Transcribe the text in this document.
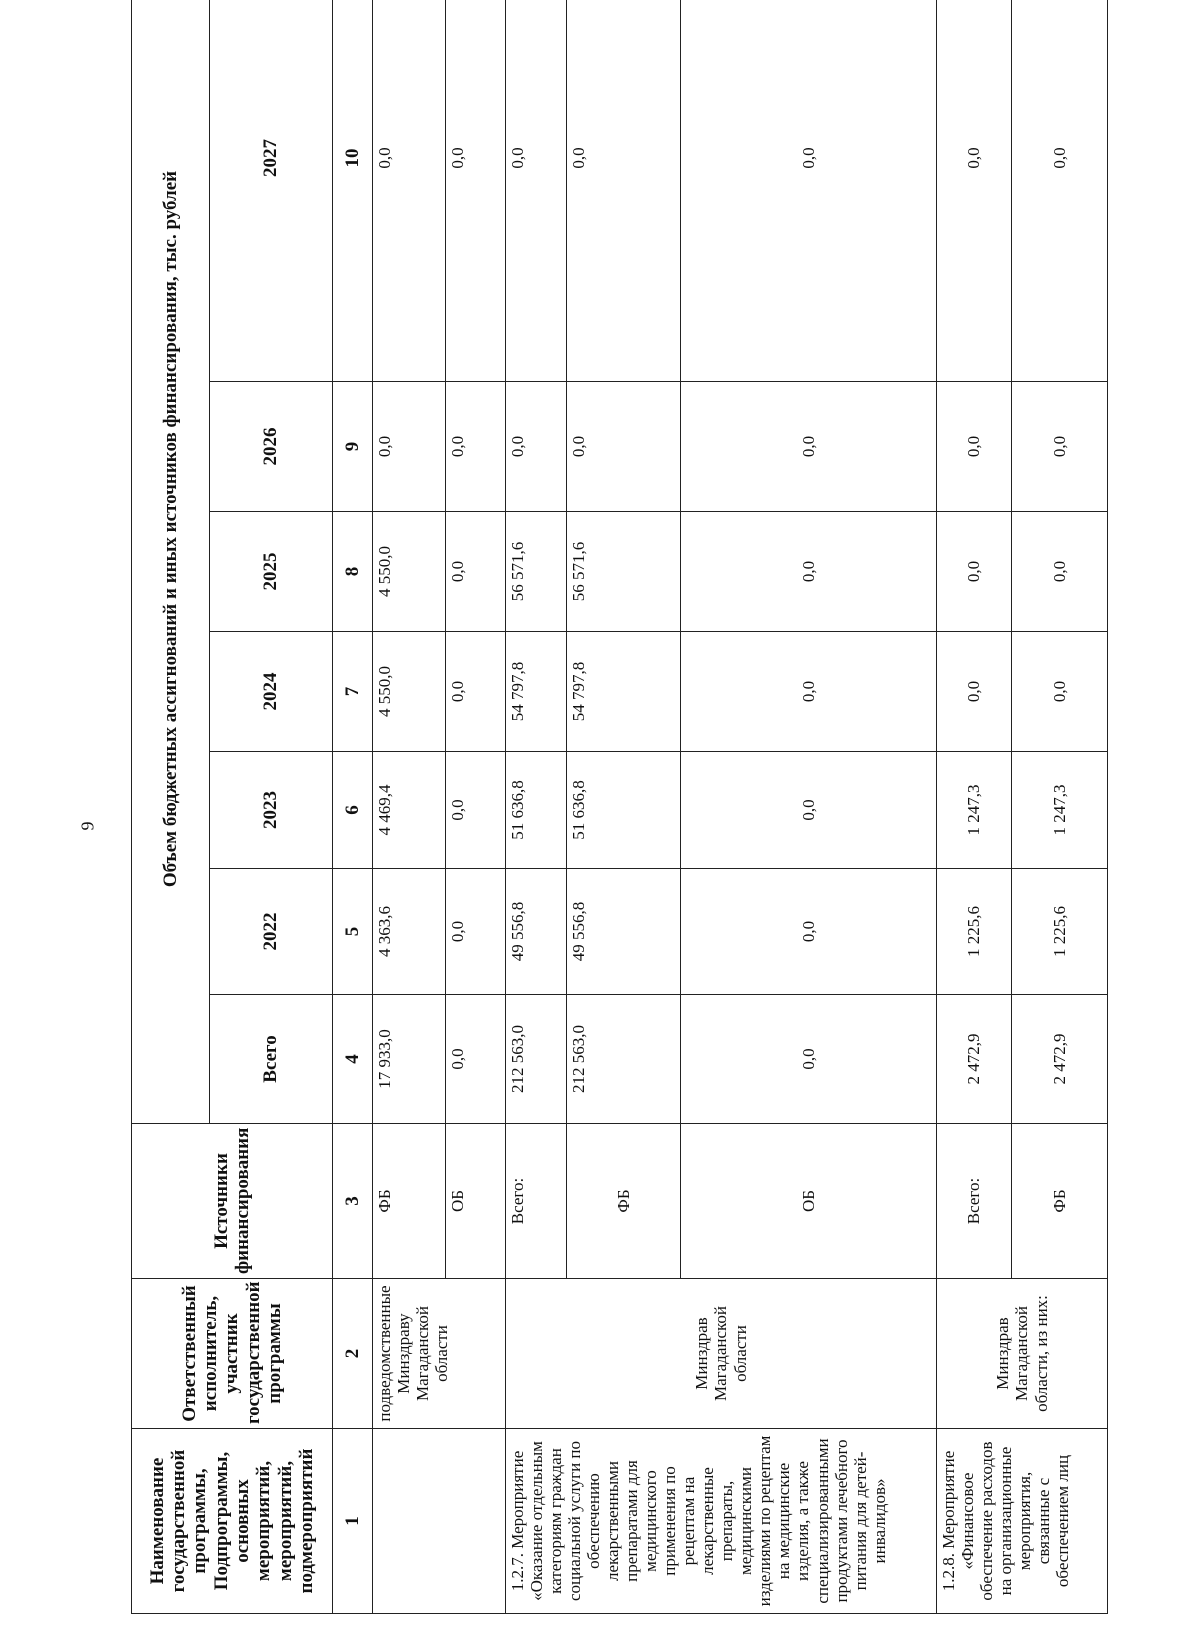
9
Наименование государственной программы, Подпрограммы, основных мероприятий, мероприятий, подмероприятий	Ответственный исполнитель, участник государственной программы	Источники финансирования	Объем бюджетных ассигнований и иных источников финансирования, тыс. рублей						
			Всего	2022	2023	2024	2025	2026	2027
1	2	3	4	5	6	7	8	9	10
	подведомственные Минздраву Магаданской области	ФБ	17 933,0	4 363,6	4 469,4	4 550,0	4 550,0	0,0	0,0
		ОБ	0,0	0,0	0,0	0,0	0,0	0,0	0,0
1.2.7. Мероприятие «Оказание отдельным категориям граждан социальной услуги по обеспечению лекарственными препаратами для медицинского применения по рецептам на лекарственные препараты, медицинскими изделиями по рецептам на медицинские изделия, а также специализированными продуктами лечебного питания для детей-инвалидов»	Минздрав Магаданской области	Всего:	212 563,0	49 556,8	51 636,8	54 797,8	56 571,6	0,0	0,0
		ФБ	212 563,0	49 556,8	51 636,8	54 797,8	56 571,6	0,0	0,0
		ОБ	0,0	0,0	0,0	0,0	0,0	0,0	0,0
1.2.8. Мероприятие «Финансовое обеспечение расходов на организационные мероприятия, связанные с обеспечением лиц	Минздрав Магаданской области, из них:	Всего:	2 472,9	1 225,6	1 247,3	0,0	0,0	0,0	0,0
		ФБ	2 472,9	1 225,6	1 247,3	0,0	0,0	0,0	0,0
